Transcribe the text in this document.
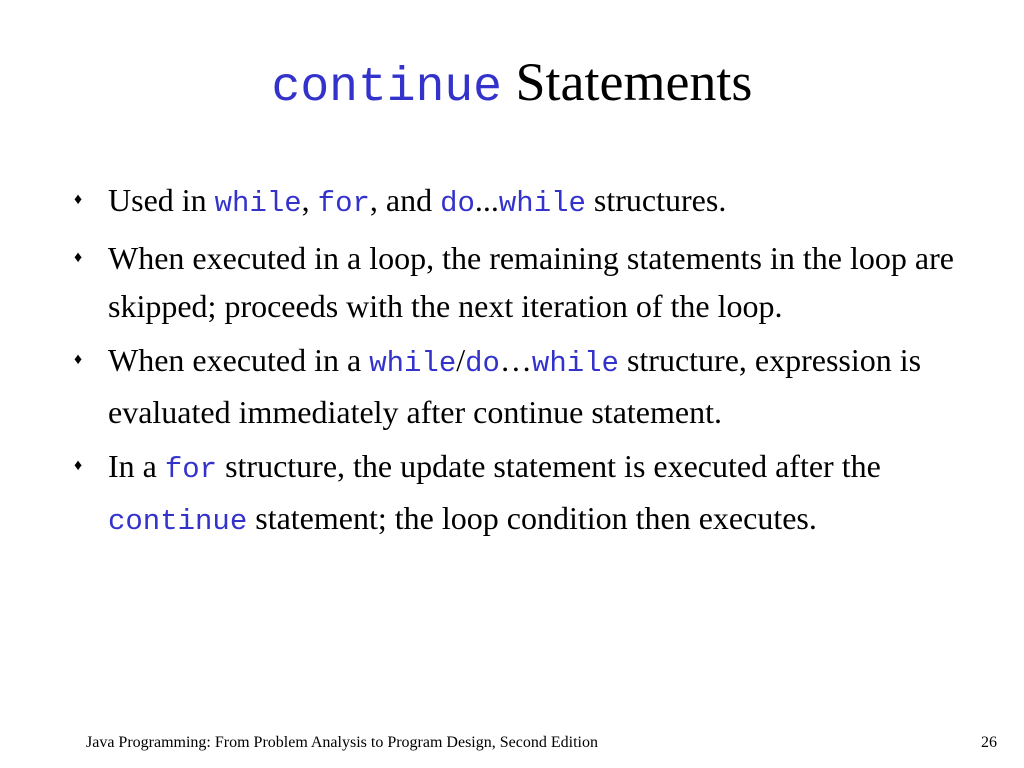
continue Statements
♦ Used in while, for, and do...while structures.
♦ When executed in a loop, the remaining statements in the loop are skipped; proceeds with the next iteration of the loop.
♦ When executed in a while/do…while structure, expression is evaluated immediately after continue statement.
♦ In a for structure, the update statement is executed after the continue statement; the loop condition then executes.
Java Programming: From Problem Analysis to Program Design, Second Edition	26
